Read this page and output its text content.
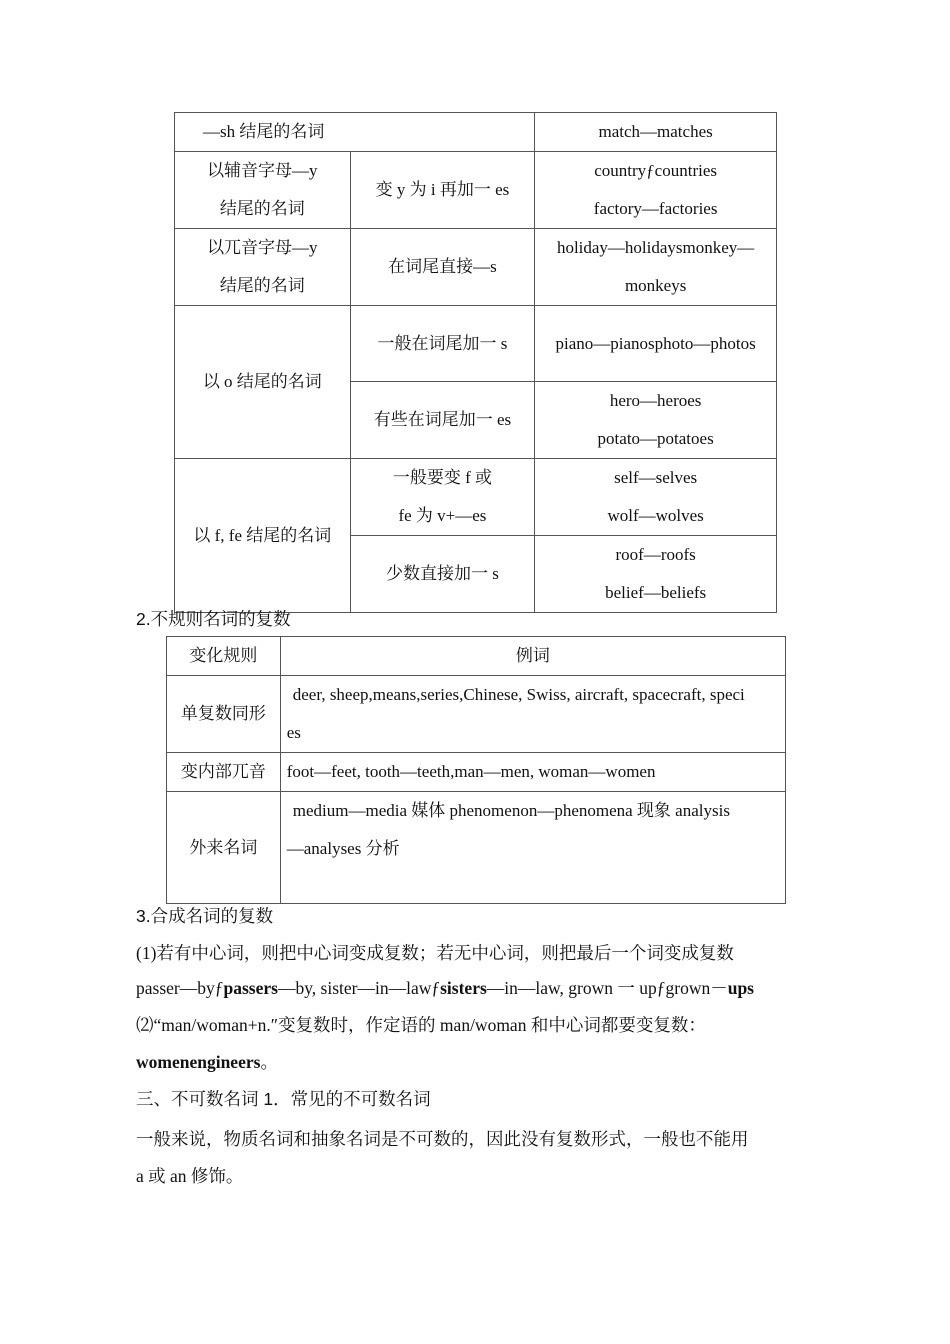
—sh 结尾的名词		match—matches

以辅音字母—y
结尾的名词	变 y 为 i 再加一 es	countryƒcountries
factory—factories

以兀音字母—y
结尾的名词	在词尾直接—s	holiday—holidaysmonkey—
monkeys

以 o 结尾的名词	一般在词尾加一 s	piano—pianosphoto—photos
	有些在词尾加一 es	hero—heroes
potato—potatoes

以 f, fe 结尾的名词	一般要变 f 或
fe 为 v+—es	self—selves
wolf—wolves

	少数直接加一 s	roof—roofs
belief—beliefs
2.不规则名词的复数
变化规则	例词
单复数同形	deer, sheep,means,series,Chinese, Swiss, aircraft, spacecraft, speci
es

变内部兀音	foot—feet, tooth—teeth,man—men, woman—women
外来名词	medium—media 媒体 phenomenon—phenomena 现象 analysis
—analyses 分析
3.合成名词的复数
(1)若有中心词，则把中心词变成复数；若无中心词，则把最后一个词变成复数
passer—byƒpassers—by, sister—in—lawƒsisters—in—law, grown 一 upƒgrown－ups
⑵“man/woman+n.″变复数时，作定语的 man/woman 和中心词都要变复数：
womenengineers。
三、不可数名词 1．常见的不可数名词
一般来说，物质名词和抽象名词是不可数的，因此没有复数形式，一般也不能用
a 或 an 修饰。
